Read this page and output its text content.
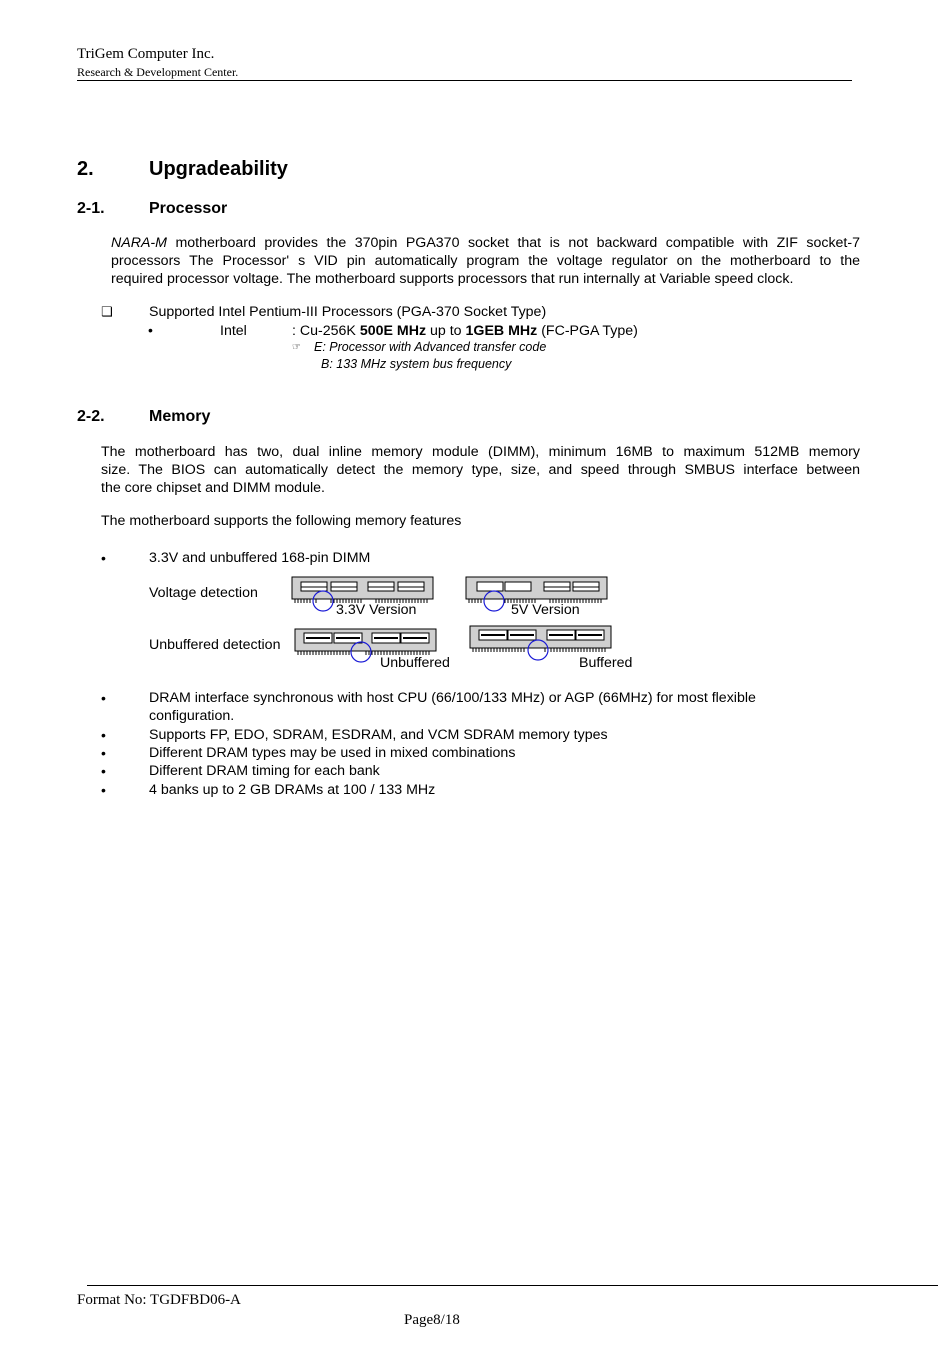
TriGem Computer Inc.
Research & Development Center.
2.	Upgradeability
2-1.	Processor
NARA-M motherboard provides the 370pin PGA370 socket that is not backward compatible with ZIF socket-7
processors The Processor' s VID pin automatically program the voltage regulator on the motherboard to the
required processor voltage. The motherboard supports processors that run internally at Variable speed clock.
❑	Supported Intel Pentium-III Processors (PGA-370 Socket Type)
•	Intel	: Cu-256K 500E MHz up to 1GEB MHz (FC-PGA Type)
☞ E: Processor with Advanced transfer code
B: 133 MHz system bus frequency
2-2.	Memory
The motherboard has two, dual inline memory module (DIMM), minimum 16MB to maximum 512MB memory
size. The BIOS can automatically detect the memory type, size, and speed through SMBUS interface between
the core chipset and DIMM module.
The motherboard supports the following memory features
•	3.3V and unbuffered 168-pin DIMM
Voltage detection
3.3V Version	5V Version
Unbuffered detection
Unbuffered	Buffered
•	DRAM interface synchronous with host CPU (66/100/133 MHz) or AGP (66MHz) for most flexible
configuration.
•	Supports FP, EDO, SDRAM, ESDRAM, and VCM SDRAM memory types
•	Different DRAM types may be used in mixed combinations
•	Different DRAM timing for each bank
•	4 banks up to 2 GB DRAMs at 100 / 133 MHz
Format No: TGDFBD06-A
Page8/18
